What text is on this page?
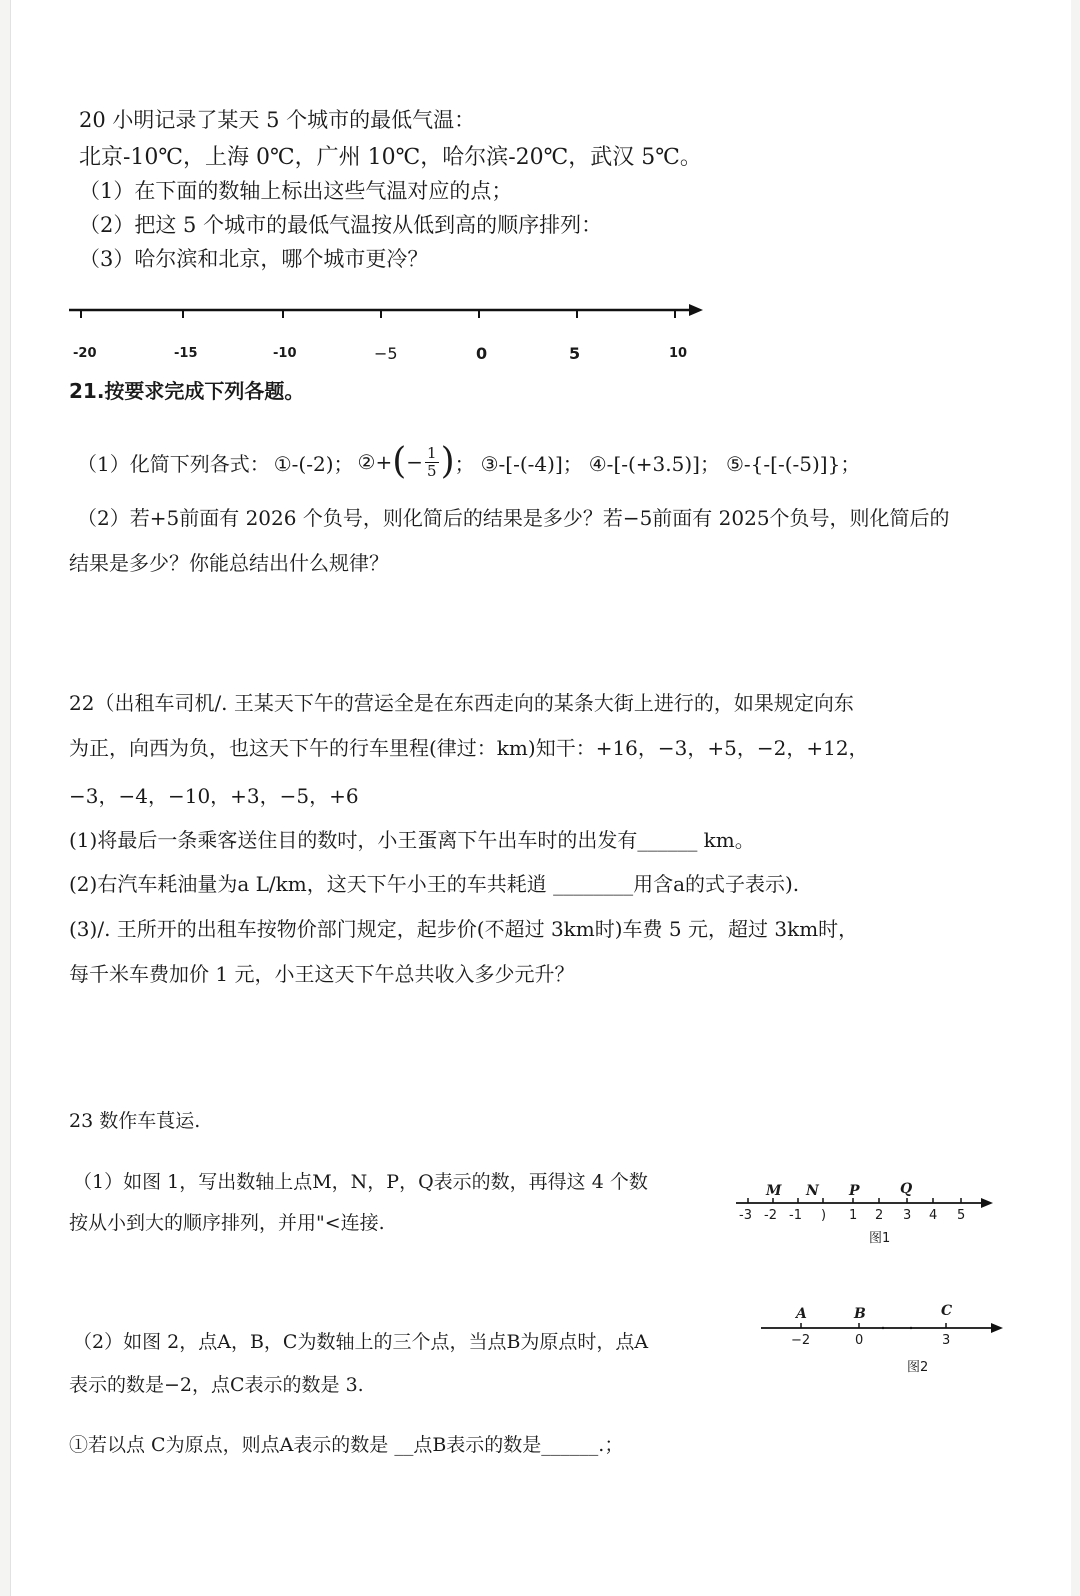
20 小明记录了某天 5 个城市的最低气温：
北京-10℃，上海 0℃，广州 10℃，哈尔滨-20℃，武汉 5℃。
（1）在下面的数轴上标出这些气温对应的点；
（2）把这 5 个城市的最低气温按从低到高的顺序排列：
（3）哈尔滨和北京，哪个城市更冷？
-20	-15	-10	−5	0	5	10
21.按要求完成下列各题。
（1）化简下列各式： ①-(-2)； ②+ ( − $\frac{1}{5}$ ) ； ③-[-(-4)]； ④-[-(+3.5)]； ⑤-{-[-(-5)]}；
（2）若+5前面有 2026 个负号，则化简后的结果是多少？若−5前面有 2025个负号，则化简后的
结果是多少？你能总结出什么规律？
22（出租车司机/. 王某天下午的营运全是在东西走向的某条大街上进行的，如果规定向东
为正，向西为负，也这天下午的行车里程(律过：km)知干：+16，−3，+5，−2，+12，
−3，−4，−10，+3，−5，+6
(1)将最后一条乘客送住目的数吋，小王蛋离下午出车时的出发有______ km。
(2)右汽车耗油量为a L/km，这天下午小王的车共耗逍 ________用含a的式子表示).
(3)/. 王所开的出租车按物价部门规定，起步价(不超过 3km时)车费 5 元，超过 3km时，
每千米车费加价 1 元，小王这天下午总共收入多少元升？
23 数作车茛运.
（1）如图 1，写出数轴上点M，N，P，Q表示的数，再得这 4 个数
按从小到大的顺序排列，并用"<连接.
M N P	Q
-3 -2 -1 ) 1 2 3 4 5
图1
（2）如图 2，点A，B，C为数轴上的三个点，当点B为原点时，点A
表示的数是−2，点C表示的数是 3.
A	B	C
−2	0	3
图2
①若以点 C为原点，则点A表示的数是 __点B表示的数是______.；
